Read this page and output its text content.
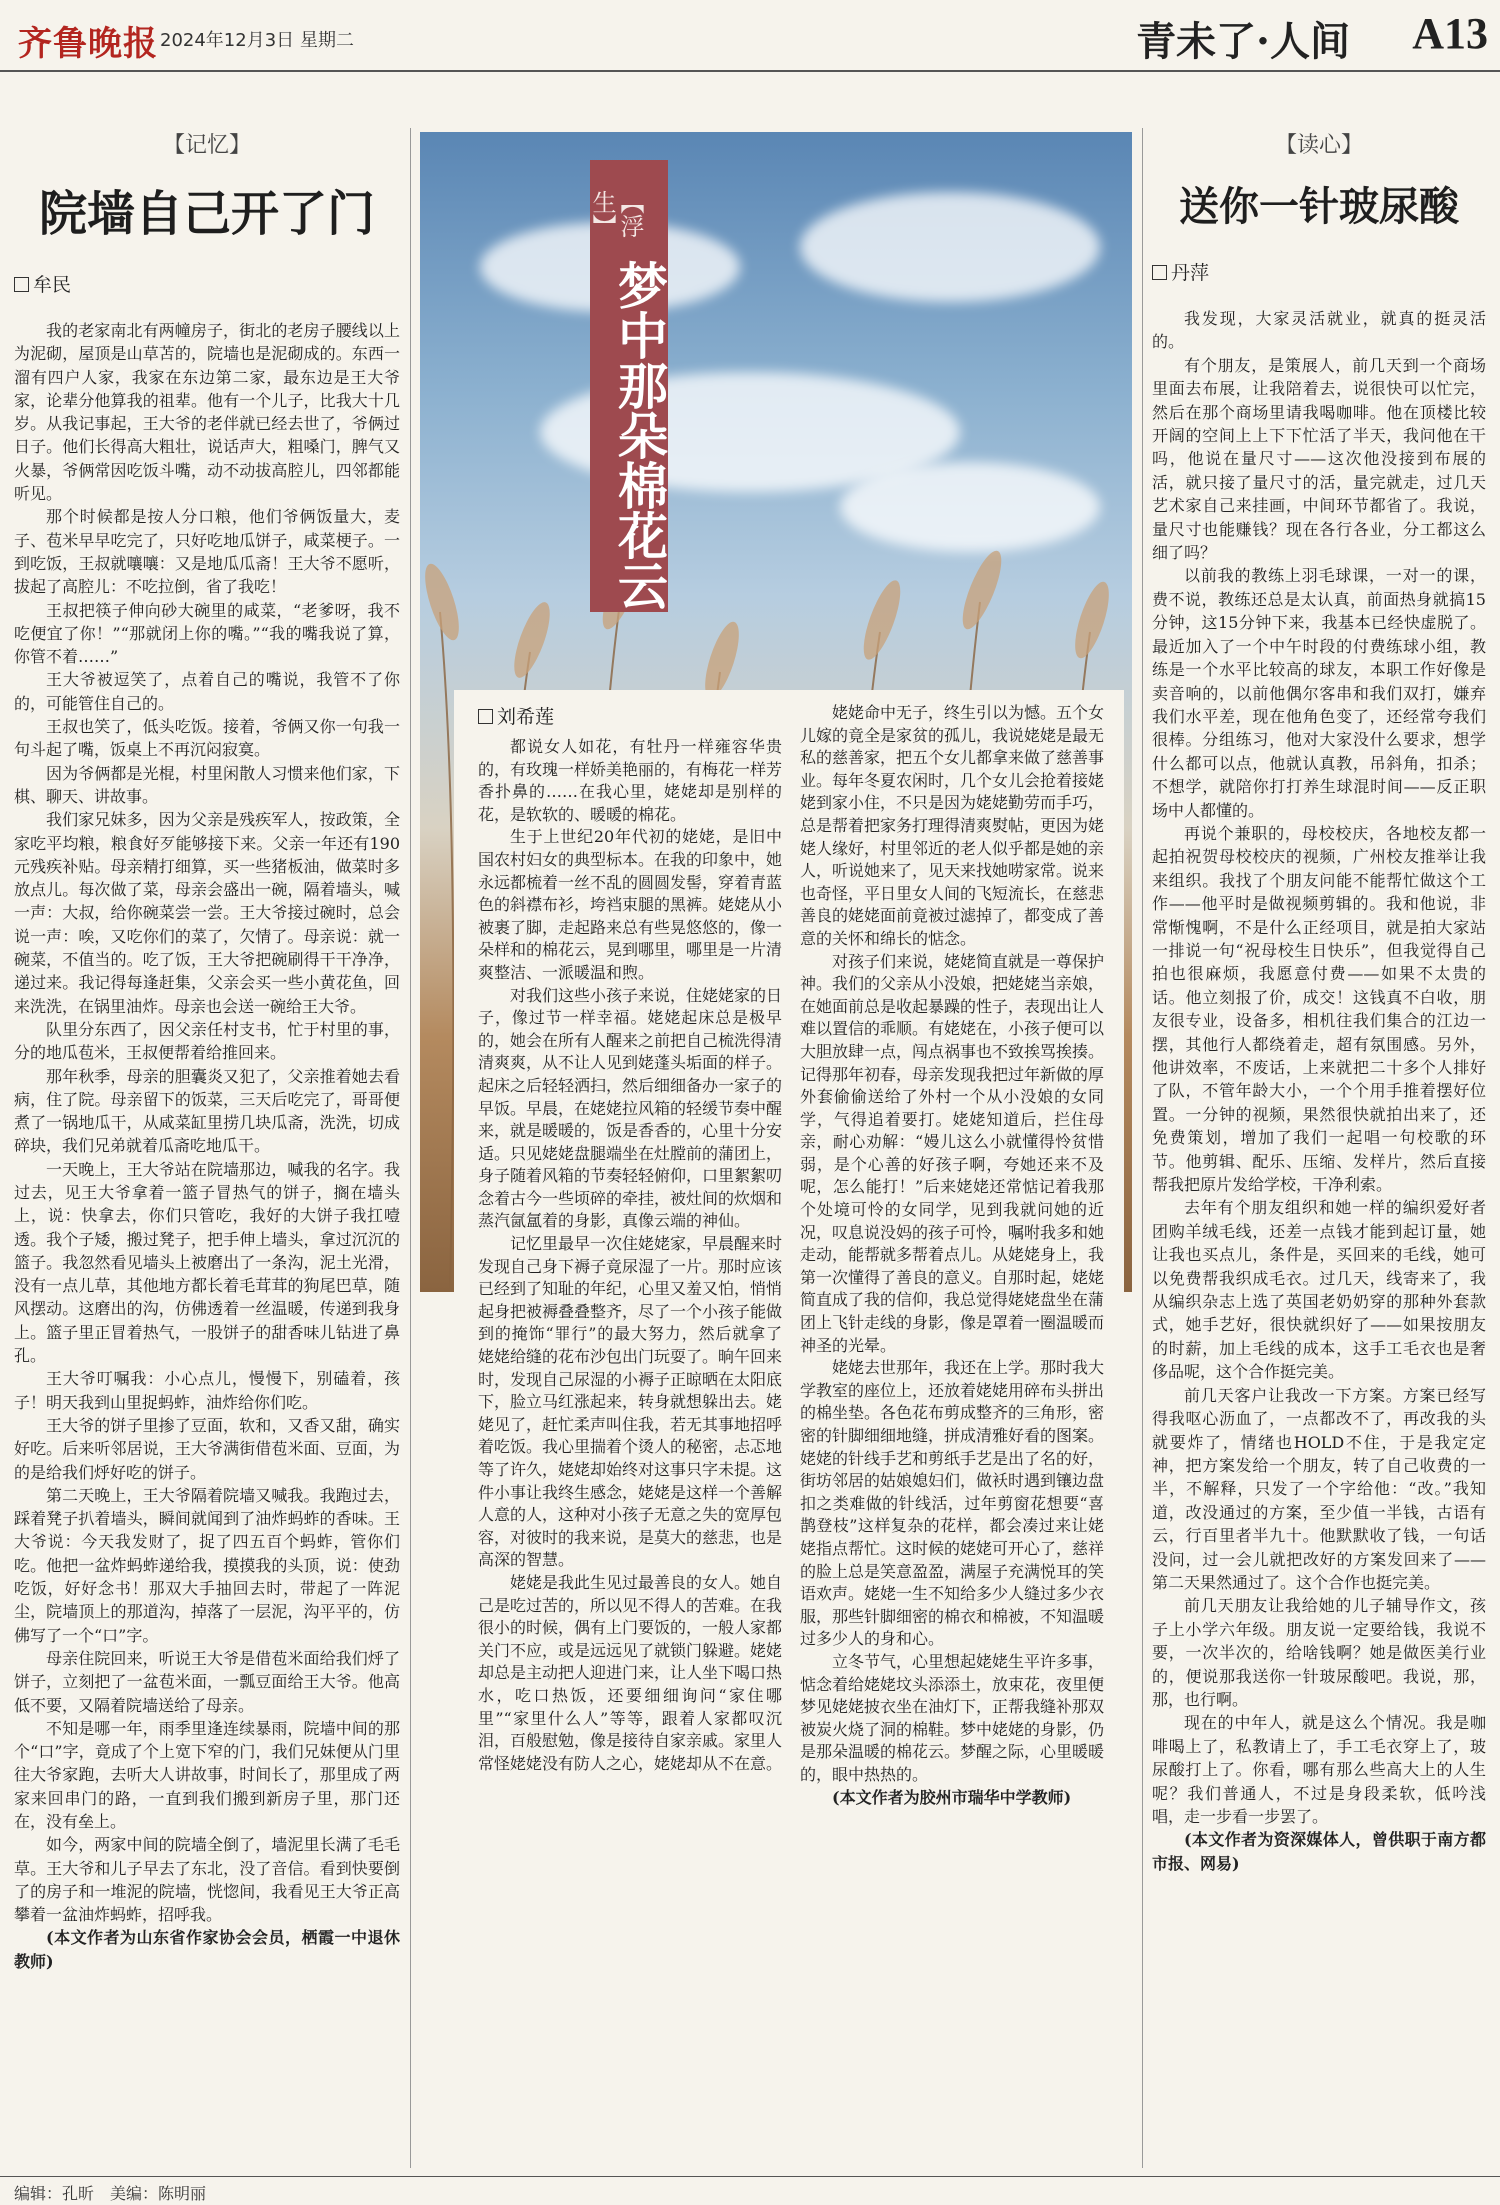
齐鲁晚报 2024年12月3日 星期二	青未了·人间 A13
【记忆】
院墙自己开了门
牟民

我的老家南北有两幢房子，街北的老房子腰线以上为泥砌，屋顶是山草苫的，院墙也是泥砌成的。东西一溜有四户人家，我家在东边第二家，最东边是王大爷家，论辈分他算我的祖辈。他有一个儿子，比我大十几岁。从我记事起，王大爷的老伴就已经去世了，爷俩过日子。他们长得高大粗壮，说话声大，粗嗓门，脾气又火暴，爷俩常因吃饭斗嘴，动不动拔高腔儿，四邻都能听见。

那个时候都是按人分口粮，他们爷俩饭量大，麦子、苞米早早吃完了，只好吃地瓜饼子，咸菜梗子。一到吃饭，王叔就嚷嚷：又是地瓜瓜斋！王大爷不愿听，拔起了高腔儿：不吃拉倒，省了我吃！

王叔把筷子伸向砂大碗里的咸菜，“老爹呀，我不吃便宜了你！”“那就闭上你的嘴。”“我的嘴我说了算，你管不着……”

王大爷被逗笑了，点着自己的嘴说，我管不了你的，可能管住自己的。

王叔也笑了，低头吃饭。接着，爷俩又你一句我一句斗起了嘴，饭桌上不再沉闷寂寞。

因为爷俩都是光棍，村里闲散人习惯来他们家，下棋、聊天、讲故事。

我们家兄妹多，因为父亲是残疾军人，按政策，全家吃平均粮，粮食好歹能够接下来。父亲一年还有190元残疾补贴。母亲精打细算，买一些猪板油，做菜时多放点儿。每次做了菜，母亲会盛出一碗，隔着墙头，喊一声：大叔，给你碗菜尝一尝。王大爷接过碗时，总会说一声：唉，又吃你们的菜了，欠情了。母亲说：就一碗菜，不值当的。吃了饭，王大爷把碗刷得干干净净，递过来。我记得每逢赶集，父亲会买一些小黄花鱼，回来洗洗，在锅里油炸。母亲也会送一碗给王大爷。

队里分东西了，因父亲任村支书，忙于村里的事，分的地瓜苞米，王叔便帮着给推回来。

那年秋季，母亲的胆囊炎又犯了，父亲推着她去看病，住了院。母亲留下的饭菜，三天后吃完了，哥哥便煮了一锅地瓜干，从咸菜缸里捞几块瓜斋，洗洗，切成碎块，我们兄弟就着瓜斋吃地瓜干。

一天晚上，王大爷站在院墙那边，喊我的名字。我过去，见王大爷拿着一篮子冒热气的饼子，搁在墙头上，说：快拿去，你们只管吃，我好的大饼子我扛噎透。我个子矮，搬过凳子，把手伸上墙头，拿过沉沉的篮子。我忽然看见墙头上被磨出了一条沟，泥土光滑，没有一点儿草，其他地方都长着毛茸茸的狗尾巴草，随风摆动。这磨出的沟，仿佛透着一丝温暖，传递到我身上。篮子里正冒着热气，一股饼子的甜香味儿钻进了鼻孔。

王大爷叮嘱我：小心点儿，慢慢下，别磕着，孩子！明天我到山里捉蚂蚱，油炸给你们吃。

王大爷的饼子里掺了豆面，软和，又香又甜，确实好吃。后来听邻居说，王大爷满街借苞米面、豆面，为的是给我们烀好吃的饼子。

第二天晚上，王大爷隔着院墙又喊我。我跑过去，踩着凳子扒着墙头，瞬间就闻到了油炸蚂蚱的香味。王大爷说：今天我发财了，捉了四五百个蚂蚱，管你们吃。他把一盆炸蚂蚱递给我，摸摸我的头顶，说：使劲吃饭，好好念书！那双大手抽回去时，带起了一阵泥尘，院墙顶上的那道沟，掉落了一层泥，沟平平的，仿佛写了一个“口”字。

母亲住院回来，听说王大爷是借苞米面给我们烀了饼子，立刻把了一盆苞米面，一瓢豆面给王大爷。他高低不要，又隔着院墙送给了母亲。

不知是哪一年，雨季里逢连续暴雨，院墙中间的那个“口”字，竟成了个上宽下窄的门，我们兄妹便从门里往大爷家跑，去听大人讲故事，时间长了，那里成了两家来回串门的路，一直到我们搬到新房子里，那门还在，没有垒上。

如今，两家中间的院墙全倒了，墙泥里长满了毛毛草。王大爷和儿子早去了东北，没了音信。看到快要倒了的房子和一堆泥的院墙，恍惚间，我看见王大爷正高攀着一盆油炸蚂蚱，招呼我。

(本文作者为山东省作家协会会员，栖霞一中退休教师)

【浮生】
梦中那朵棉花云
刘希莲

都说女人如花，有牡丹一样雍容华贵的，有玫瑰一样娇美艳丽的，有梅花一样芳香扑鼻的……在我心里，姥姥却是别样的花，是软软的、暖暖的棉花。

生于上世纪20年代初的姥姥，是旧中国农村妇女的典型标本。在我的印象中，她永远都梳着一丝不乱的圆圆发髻，穿着青蓝色的斜襟布衫，垮裆束腿的黑裤。姥姥从小被裹了脚，走起路来总有些晃悠悠的，像一朵样和的棉花云，晃到哪里，哪里是一片清爽整洁、一派暖温和煦。

对我们这些小孩子来说，住姥姥家的日子，像过节一样幸福。姥姥起床总是极早的，她会在所有人醒来之前把自己梳洗得清清爽爽，从不让人见到姥蓬头垢面的样子。起床之后轻轻洒扫，然后细细备办一家子的早饭。早晨，在姥姥拉风箱的轻缓节奏中醒来，就是暖暖的，饭是香香的，心里十分安适。只见姥姥盘腿端坐在灶膛前的蒲团上，身子随着风箱的节奏轻轻俯仰，口里絮絮叨念着古今一些顷碎的牵挂，被灶间的炊烟和蒸汽氤氲着的身影，真像云端的神仙。

记忆里最早一次住姥姥家，早晨醒来时发现自己身下褥子竟尿湿了一片。那时应该已经到了知耻的年纪，心里又羞又怕，悄悄起身把被褥叠叠整齐，尽了一个小孩子能做到的掩饰“罪行”的最大努力，然后就拿了姥姥给缝的花布沙包出门玩耍了。晌午回来时，发现自己尿湿的小褥子正晾晒在太阳底下，脸立马红涨起来，转身就想躲出去。姥姥见了，赶忙柔声叫住我，若无其事地招呼着吃饭。我心里揣着个烫人的秘密，忐忑地等了许久，姥姥却始终对这事只字未提。这件小事让我终生感念，姥姥是这样一个善解人意的人，这种对小孩子无意之失的宽厚包容，对彼时的我来说，是莫大的慈悲，也是高深的智慧。

姥姥是我此生见过最善良的女人。她自己是吃过苦的，所以见不得人的苦难。在我很小的时候，偶有上门要饭的，一般人家都关门不应，或是远远见了就锁门躲避。姥姥却总是主动把人迎进门来，让人坐下喝口热水，吃口热饭，还要细细询问“家住哪里”“家里什么人”等等，跟着人家都叹沉泪，百般慰勉，像是接待自家亲戚。家里人常怪姥姥没有防人之心，姥姥却从不在意。

姥姥命中无子，终生引以为憾。五个女儿嫁的竟全是家贫的孤儿，我说姥姥是最无私的慈善家，把五个女儿都拿来做了慈善事业。每年冬夏农闲时，几个女儿会抢着接姥姥到家小住，不只是因为姥姥勤劳而手巧，总是帮着把家务打理得清爽熨帖，更因为姥姥人缘好，村里邻近的老人似乎都是她的亲人，听说她来了，见天来找她唠家常。说来也奇怪，平日里女人间的飞短流长，在慈悲善良的姥姥面前竟被过滤掉了，都变成了善意的关怀和绵长的惦念。

对孩子们来说，姥姥简直就是一尊保护神。我们的父亲从小没娘，把姥姥当亲娘，在她面前总是收起暴躁的性子，表现出让人难以置信的乖顺。有姥姥在，小孩子便可以大胆放肆一点，闯点祸事也不致挨骂挨揍。记得那年初春，母亲发现我把过年新做的厚外套偷偷送给了外村一个从小没娘的女同学，气得追着要打。姥姥知道后，拦住母亲，耐心劝解：“嫚儿这么小就懂得怜贫惜弱，是个心善的好孩子啊，夸她还来不及呢，怎么能打！”后来姥姥还常惦记着我那个处境可怜的女同学，见到我就问她的近况，叹息说没妈的孩子可怜，嘱咐我多和她走动，能帮就多帮着点儿。从姥姥身上，我第一次懂得了善良的意义。自那时起，姥姥简直成了我的信仰，我总觉得姥姥盘坐在蒲团上飞针走线的身影，像是罩着一圈温暖而神圣的光晕。

姥姥去世那年，我还在上学。那时我大学教室的座位上，还放着姥姥用碎布头拼出的棉坐垫。各色花布剪成整齐的三角形，密密的针脚细细地缝，拼成清雅好看的图案。姥姥的针线手艺和剪纸手艺是出了名的好，街坊邻居的姑娘媳妇们，做袄时遇到镶边盘扣之类难做的针线活，过年剪窗花想要“喜鹊登枝”这样复杂的花样，都会凑过来让姥姥指点帮忙。这时候的姥姥可开心了，慈祥的脸上总是笑意盈盈，满屋子充满悦耳的笑语欢声。姥姥一生不知给多少人缝过多少衣服，那些针脚细密的棉衣和棉被，不知温暖过多少人的身和心。

立冬节气，心里想起姥姥生平许多事，惦念着给姥姥坟头添添土，放束花，夜里便梦见姥姥披衣坐在油灯下，正帮我缝补那双被炭火烧了洞的棉鞋。梦中姥姥的身影，仍是那朵温暖的棉花云。梦醒之际，心里暖暖的，眼中热热的。

(本文作者为胶州市瑞华中学教师)

【读心】
送你一针玻尿酸
丹萍

我发现，大家灵活就业，就真的挺灵活的。

有个朋友，是策展人，前几天到一个商场里面去布展，让我陪着去，说很快可以忙完，然后在那个商场里请我喝咖啡。他在顶楼比较开阔的空间上上下下忙活了半天，我问他在干吗，他说在量尺寸——这次他没接到布展的活，就只接了量尺寸的活，量完就走，过几天艺术家自己来挂画，中间环节都省了。我说，量尺寸也能赚钱？现在各行各业，分工都这么细了吗？

以前我的教练上羽毛球课，一对一的课，费不说，教练还总是太认真，前面热身就搞15分钟，这15分钟下来，我基本已经快虚脱了。最近加入了一个中午时段的付费练球小组，教练是一个水平比较高的球友，本职工作好像是卖音响的，以前他偶尔客串和我们双打，嫌弃我们水平差，现在他角色变了，还经常夸我们很棒。分组练习，他对大家没什么要求，想学什么都可以点，他就认真教，吊斜角，扣杀；不想学，就陪你打打养生球混时间——反正职场中人都懂的。

再说个兼职的，母校校庆，各地校友都一起拍祝贺母校校庆的视频，广州校友推举让我来组织。我找了个朋友问能不能帮忙做这个工作——他平时是做视频剪辑的。我和他说，非常惭愧啊，不是什么正经项目，就是拍大家站一排说一句“祝母校生日快乐”，但我觉得自己拍也很麻烦，我愿意付费——如果不太贵的话。他立刻报了价，成交！这钱真不白收，朋友很专业，设备多，相机往我们集合的江边一摆，其他行人都绕着走，超有氛围感。另外，他讲效率，不废话，上来就把二十多个人排好了队，不管年龄大小，一个个用手推着摆好位置。一分钟的视频，果然很快就拍出来了，还免费策划，增加了我们一起唱一句校歌的环节。他剪辑、配乐、压缩、发样片，然后直接帮我把原片发给学校，干净利索。

去年有个朋友组织和她一样的编织爱好者团购羊绒毛线，还差一点钱才能到起订量，她让我也买点儿，条件是，买回来的毛线，她可以免费帮我织成毛衣。过几天，线寄来了，我从编织杂志上选了英国老奶奶穿的那种外套款式，她手艺好，很快就织好了——如果按朋友的时薪，加上毛线的成本，这手工毛衣也是奢侈品呢，这个合作挺完美。

前几天客户让我改一下方案。方案已经写得我呕心沥血了，一点都改不了，再改我的头就要炸了，情绪也HOLD不住，于是我定定神，把方案发给一个朋友，转了自己收费的一半，不解释，只发了一个字给他：“改。”我知道，改没通过的方案，至少值一半钱，古语有云，行百里者半九十。他默默收了钱，一句话没问，过一会儿就把改好的方案发回来了——第二天果然通过了。这个合作也挺完美。

前几天朋友让我给她的儿子辅导作文，孩子上小学六年级。朋友说一定要给钱，我说不要，一次半次的，给啥钱啊？她是做医美行业的，便说那我送你一针玻尿酸吧。我说，那，那，也行啊。

现在的中年人，就是这么个情况。我是咖啡喝上了，私教请上了，手工毛衣穿上了，玻尿酸打上了。你看，哪有那么些高大上的人生呢？我们普通人，不过是身段柔软，低吟浅唱，走一步看一步罢了。

(本文作者为资深媒体人，曾供职于南方都市报、网易)

编辑：孔昕 美编：陈明丽
